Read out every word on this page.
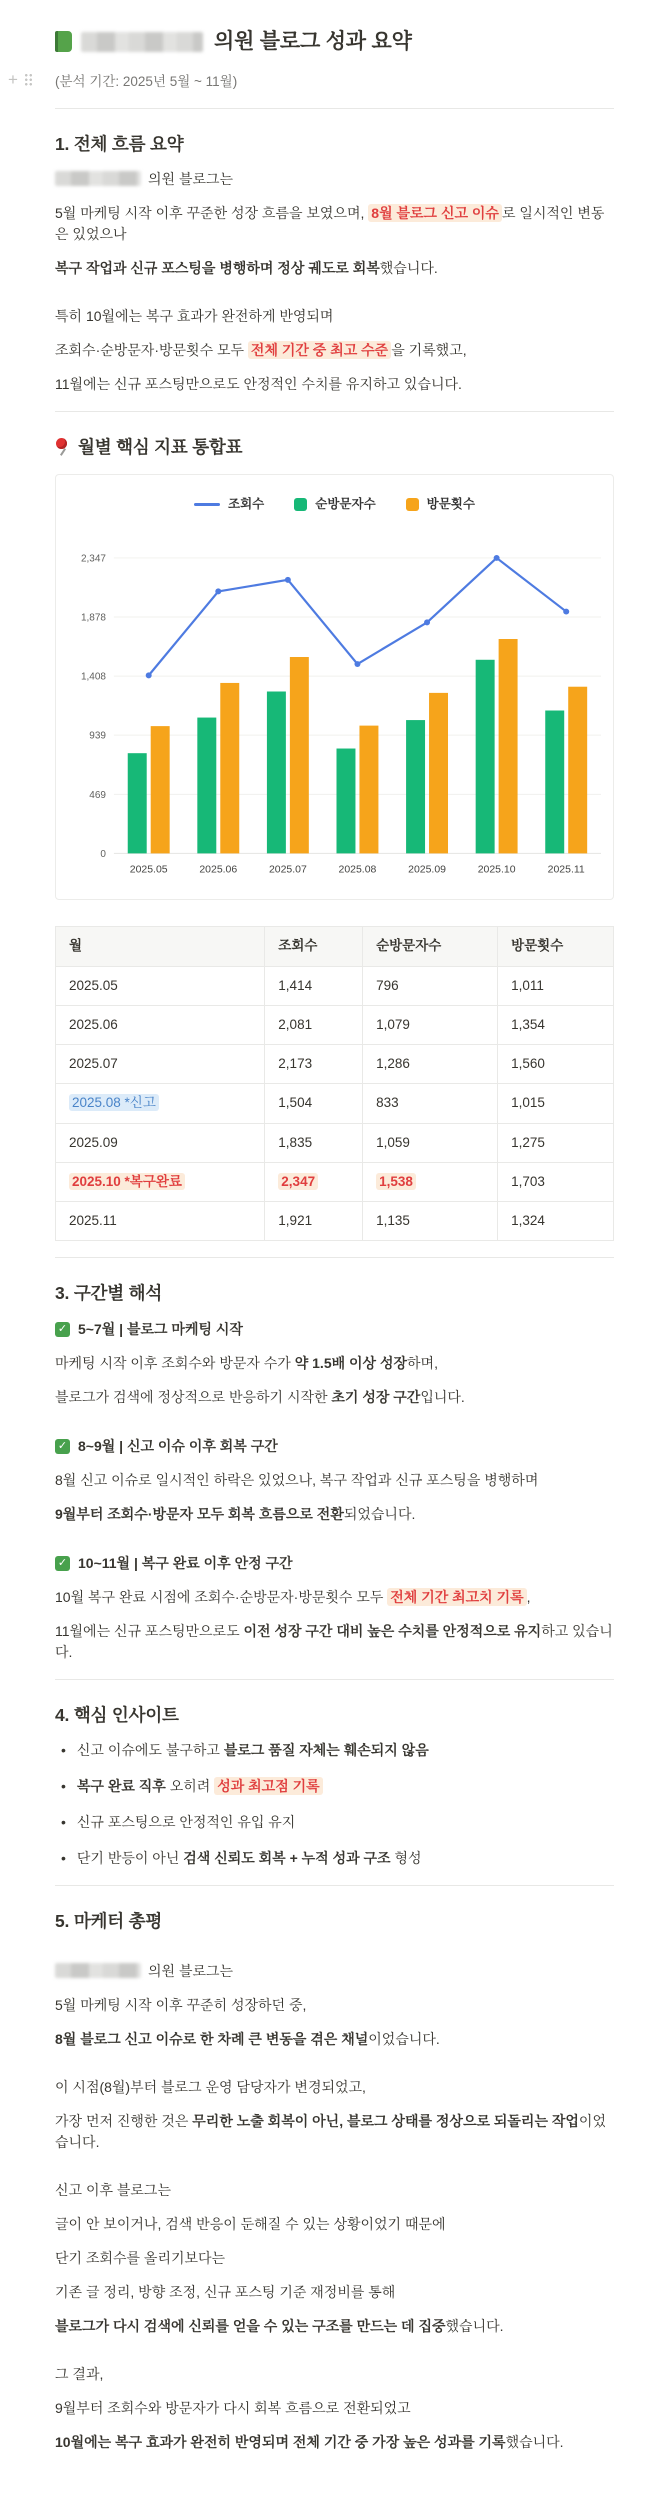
의원 블로그 성과 요약
+	(분석 기간: 2025년 5월 ~ 11월)
1. 전체 흐름 요약

의원 블로그는

5월 마케팅 시작 이후 꾸준한 성장 흐름을 보였으며, 8월 블로그 신고 이슈 로 일시적인 변동은 있었으나

복구 작업과 신규 포스팅을 병행하며 정상 궤도로 회복했습니다.

특히 10월에는 복구 효과가 완전하게 반영되며

조회수·순방문자·방문횟수 모두 전체 기간 중 최고 수준 을 기록했고,

11월에는 신규 포스팅만으로도 안정적인 수치를 유지하고 있습니다.

월별 핵심 지표 통합표
조회수	순방문자수	방문횟수
0
469
939
1,408
1,878
2,347
2025.05	2025.06	2025.07	2025.08	2025.09	2025.10	2025.11
월	조회수	순방문자수	방문횟수
2025.05	1,414	796	1,011
2025.06	2,081	1,079	1,354
2025.07	2,173	1,286	1,560
2025.08 *신고	1,504	833	1,015
2025.09	1,835	1,059	1,275
2025.10 *복구완료	2,347	1,538	1,703
2025.11	1,921	1,135	1,324
3. 구간별 해석
✓
5~7월 | 블로그 마케팅 시작

마케팅 시작 이후 조회수와 방문자 수가 약 1.5배 이상 성장하며,

블로그가 검색에 정상적으로 반응하기 시작한 초기 성장 구간입니다.

✓
8~9월 | 신고 이슈 이후 회복 구간

8월 신고 이슈로 일시적인 하락은 있었으나, 복구 작업과 신규 포스팅을 병행하며

9월부터 조회수·방문자 모두 회복 흐름으로 전환되었습니다.

✓
10~11월 | 복구 완료 이후 안정 구간

10월 복구 완료 시점에 조회수·순방문자·방문횟수 모두 전체 기간 최고치 기록 ,

11월에는 신규 포스팅만으로도 이전 성장 구간 대비 높은 수치를 안정적으로 유지하고 있습니다.

4. 핵심 인사이트
• 신고 이슈에도 불구하고 블로그 품질 자체는 훼손되지 않음
• 복구 완료 직후 오히려 성과 최고점 기록
• 신규 포스팅으로 안정적인 유입 유지
• 단기 반등이 아닌 검색 신뢰도 회복 + 누적 성과 구조 형성
5. 마케터 총평

의원 블로그는

5월 마케팅 시작 이후 꾸준히 성장하던 중,

8월 블로그 신고 이슈로 한 차례 큰 변동을 겪은 채널이었습니다.

이 시점(8월)부터 블로그 운영 담당자가 변경되었고,

가장 먼저 진행한 것은 무리한 노출 회복이 아닌, 블로그 상태를 정상으로 되돌리는 작업이었습니다.

신고 이후 블로그는

글이 안 보이거나, 검색 반응이 둔해질 수 있는 상황이었기 때문에

단기 조회수를 올리기보다는

기존 글 정리, 방향 조정, 신규 포스팅 기준 재정비를 통해

블로그가 다시 검색에 신뢰를 얻을 수 있는 구조를 만드는 데 집중했습니다.

그 결과,

9월부터 조회수와 방문자가 다시 회복 흐름으로 전환되었고

10월에는 복구 효과가 완전히 반영되며 전체 기간 중 가장 높은 성과를 기록했습니다.
